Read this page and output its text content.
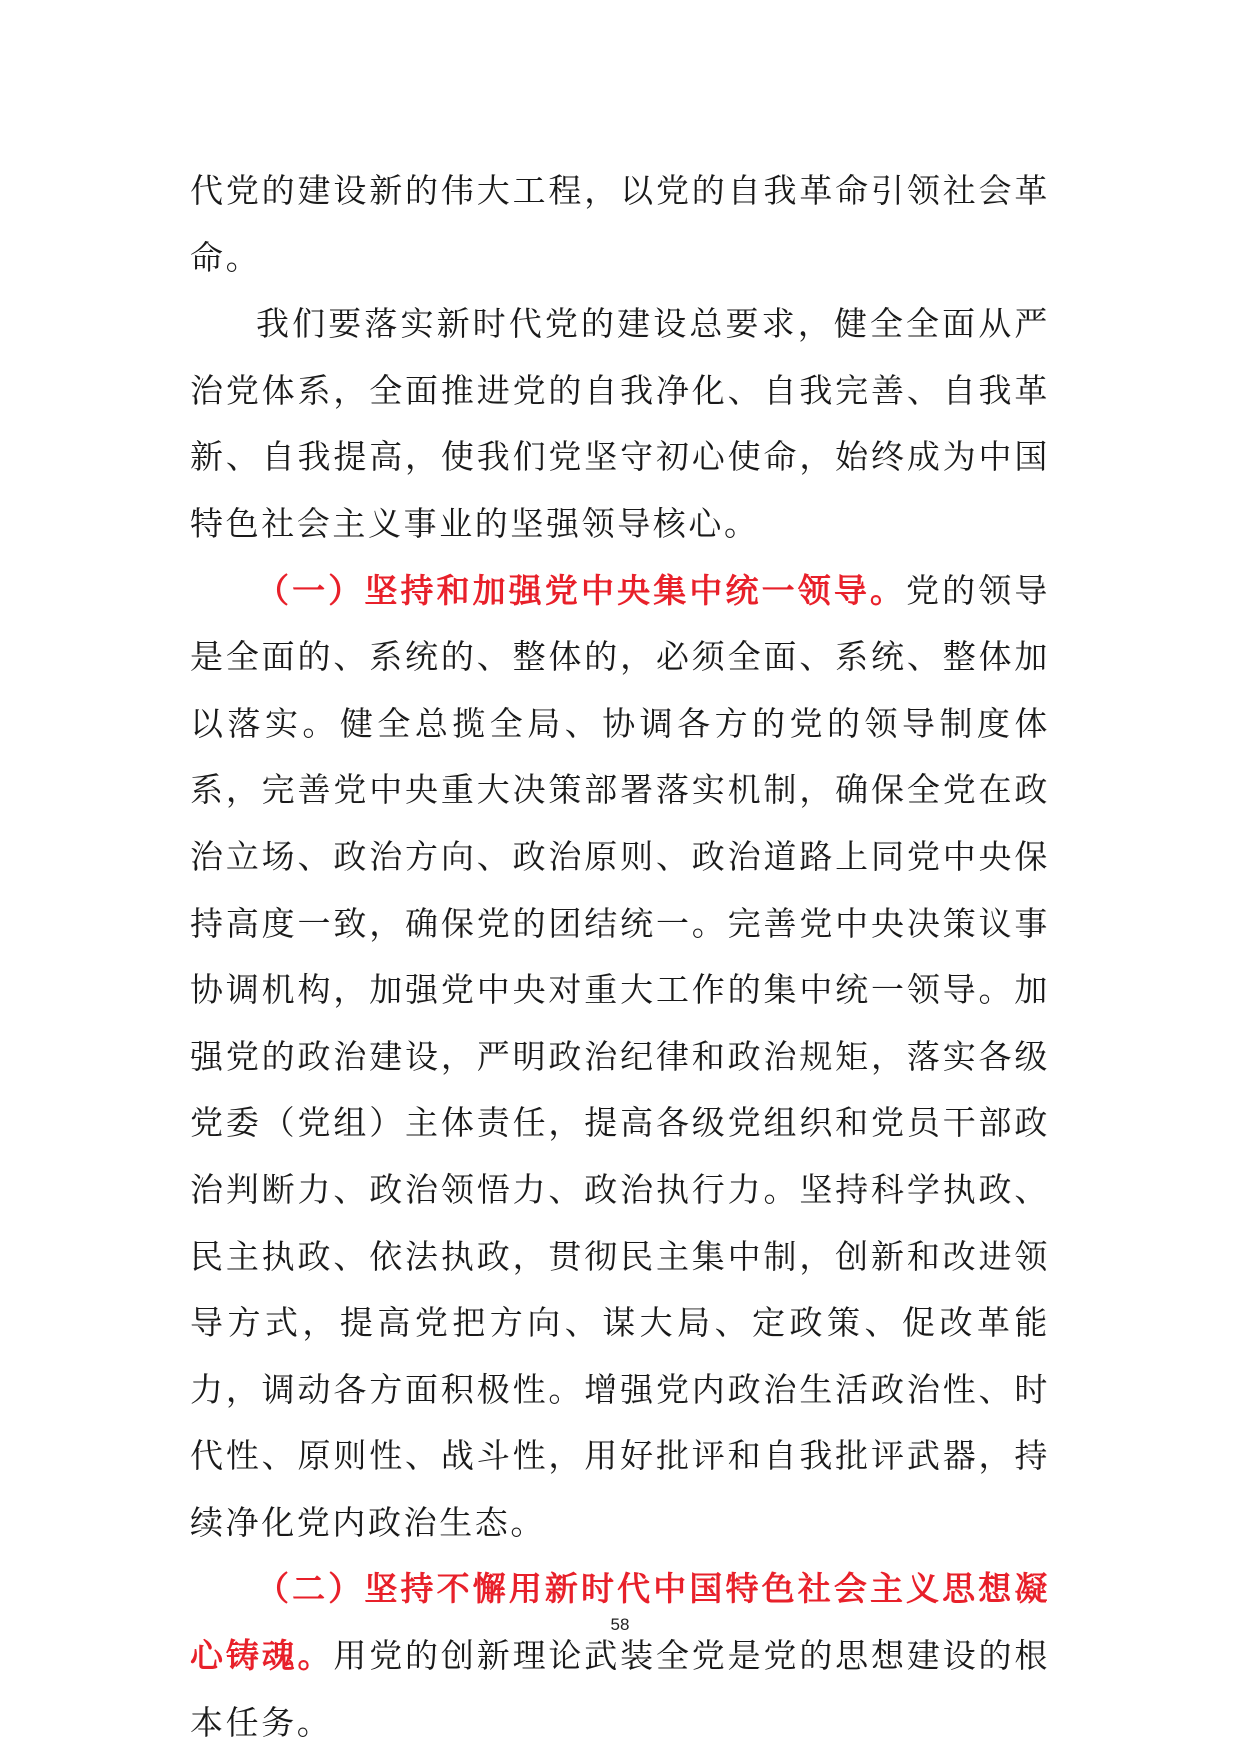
代党的建设新的伟大工程，以党的自我革命引领社会革命。

我们要落实新时代党的建设总要求，健全全面从严治党体系，全面推进党的自我净化、自我完善、自我革新、自我提高，使我们党坚守初心使命，始终成为中国特色社会主义事业的坚强领导核心。

（一）坚持和加强党中央集中统一领导。党的领导是全面的、系统的、整体的，必须全面、系统、整体加以落实。健全总揽全局、协调各方的党的领导制度体系，完善党中央重大决策部署落实机制，确保全党在政治立场、政治方向、政治原则、政治道路上同党中央保持高度一致，确保党的团结统一。完善党中央决策议事协调机构，加强党中央对重大工作的集中统一领导。加强党的政治建设，严明政治纪律和政治规矩，落实各级党委（党组）主体责任，提高各级党组织和党员干部政治判断力、政治领悟力、政治执行力。坚持科学执政、民主执政、依法执政，贯彻民主集中制，创新和改进领导方式，提高党把方向、谋大局、定政策、促改革能力，调动各方面积极性。增强党内政治生活政治性、时代性、原则性、战斗性，用好批评和自我批评武器，持续净化党内政治生态。

（二）坚持不懈用新时代中国特色社会主义思想凝心铸魂。用党的创新理论武装全党是党的思想建设的根本任务。

58
